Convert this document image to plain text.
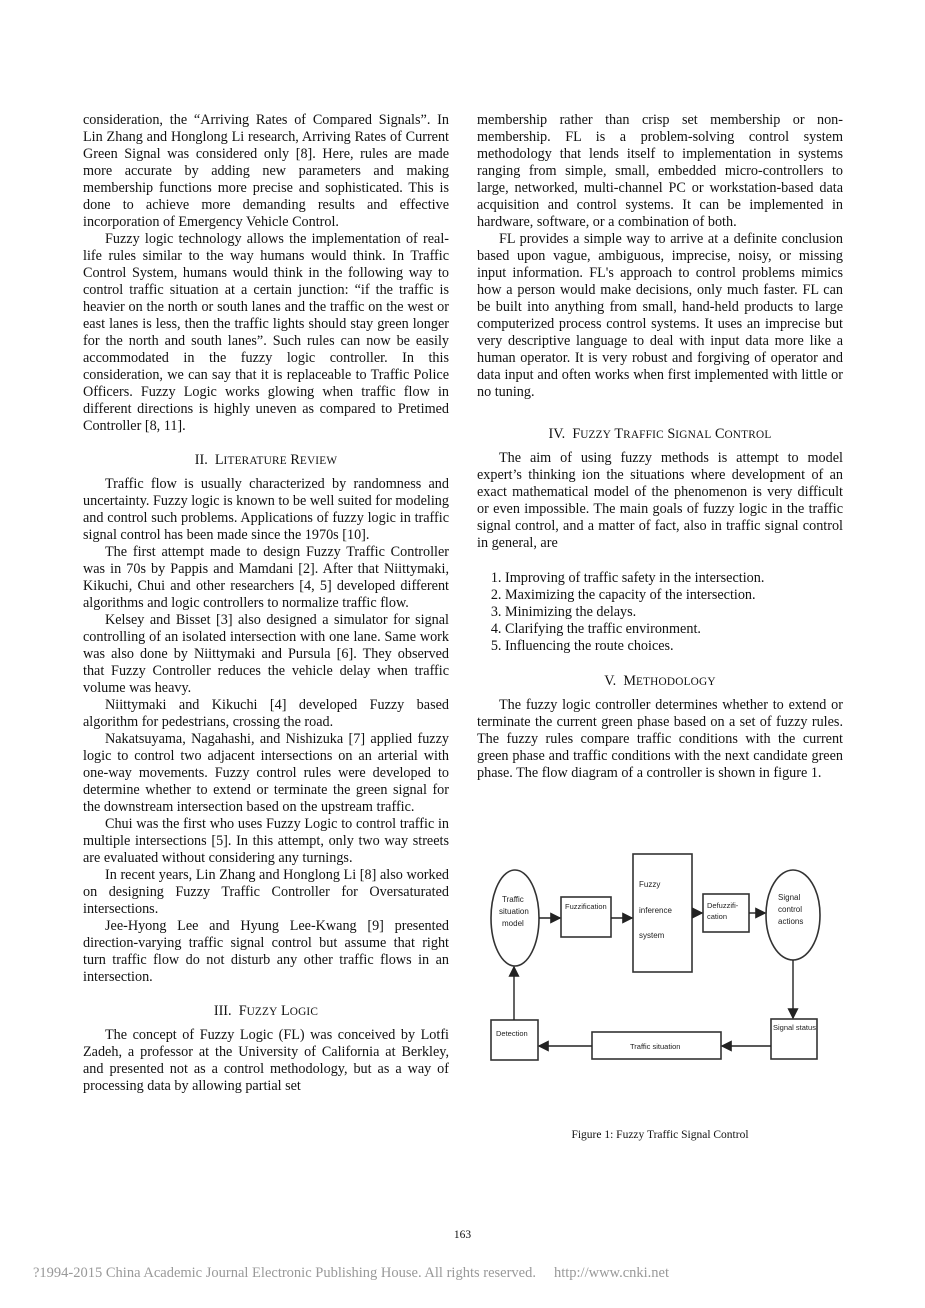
consideration, the “Arriving Rates of Compared Signals”. In Lin Zhang and Honglong Li research, Arriving Rates of Current Green Signal was considered only [8]. Here, rules are made more accurate by adding new parameters and making membership functions more precise and sophisticated. This is done to achieve more demanding results and effective incorporation of Emergency Vehicle Control.

Fuzzy logic technology allows the implementation of real-life rules similar to the way humans would think. In Traffic Control System, humans would think in the following way to control traffic situation at a certain junction: “if the traffic is heavier on the north or south lanes and the traffic on the west or east lanes is less, then the traffic lights should stay green longer for the north and south lanes”. Such rules can now be easily accommodated in the fuzzy logic controller. In this consideration, we can say that it is replaceable to Traffic Police Officers. Fuzzy Logic works glowing when traffic flow in different directions is highly uneven as compared to Pretimed Controller [8, 11].

II. LITERATURE REVIEW

Traffic flow is usually characterized by randomness and uncertainty. Fuzzy logic is known to be well suited for modeling and control such problems. Applications of fuzzy logic in traffic signal control has been made since the 1970s [10].

The first attempt made to design Fuzzy Traffic Controller was in 70s by Pappis and Mamdani [2]. After that Niittymaki, Kikuchi, Chui and other researchers [4, 5] developed different algorithms and logic controllers to normalize traffic flow.

Kelsey and Bisset [3] also designed a simulator for signal controlling of an isolated intersection with one lane. Same work was also done by Niittymaki and Pursula [6]. They observed that Fuzzy Controller reduces the vehicle delay when traffic volume was heavy.

Niittymaki and Kikuchi [4] developed Fuzzy based algorithm for pedestrians, crossing the road.

Nakatsuyama, Nagahashi, and Nishizuka [7] applied fuzzy logic to control two adjacent intersections on an arterial with one-way movements. Fuzzy control rules were developed to determine whether to extend or terminate the green signal for the downstream intersection based on the upstream traffic.

Chui was the first who uses Fuzzy Logic to control traffic in multiple intersections [5]. In this attempt, only two way streets are evaluated without considering any turnings.

In recent years, Lin Zhang and Honglong Li [8] also worked on designing Fuzzy Traffic Controller for Oversaturated intersections.

Jee-Hyong Lee and Hyung Lee-Kwang [9] presented direction-varying traffic signal control but assume that right turn traffic flow do not disturb any other traffic flows in an intersection.

III. FUZZY LOGIC

The concept of Fuzzy Logic (FL) was conceived by Lotfi Zadeh, a professor at the University of California at Berkley, and presented not as a control methodology, but as a way of processing data by allowing partial set

membership rather than crisp set membership or non-membership. FL is a problem-solving control system methodology that lends itself to implementation in systems ranging from simple, small, embedded micro-controllers to large, networked, multi-channel PC or workstation-based data acquisition and control systems. It can be implemented in hardware, software, or a combination of both.

FL provides a simple way to arrive at a definite conclusion based upon vague, ambiguous, imprecise, noisy, or missing input information. FL's approach to control problems mimics how a person would make decisions, only much faster. FL can be built into anything from small, hand-held products to large computerized process control systems. It uses an imprecise but very descriptive language to deal with input data more like a human operator. It is very robust and forgiving of operator and data input and often works when first implemented with little or no tuning.

IV. FUZZY TRAFFIC SIGNAL CONTROL

The aim of using fuzzy methods is attempt to model expert’s thinking ion the situations where development of an exact mathematical model of the phenomenon is very difficult or even impossible. The main goals of fuzzy logic in the traffic signal control, and a matter of fact, also in traffic signal control in general, are

1. Improving of traffic safety in the intersection.
2. Maximizing the capacity of the intersection.
3. Minimizing the delays.
4. Clarifying the traffic environment.
5. Influencing the route choices.
V. METHODOLOGY

The fuzzy logic controller determines whether to extend or terminate the current green phase based on a set of fuzzy rules. The fuzzy rules compare traffic conditions with the current green phase and traffic conditions with the next candidate green phase. The flow diagram of a controller is shown in figure 1.

Traffic
situation
model
Fuzzification
Fuzzy
inference
system
Defuzzifi-
cation
Signal
control
actions
Detection
Traffic situation
Signal status
Figure 1: Fuzzy Traffic Signal Control
163
?1994-2015 China Academic Journal Electronic Publishing House. All rights reserved. http://www.cnki.net
